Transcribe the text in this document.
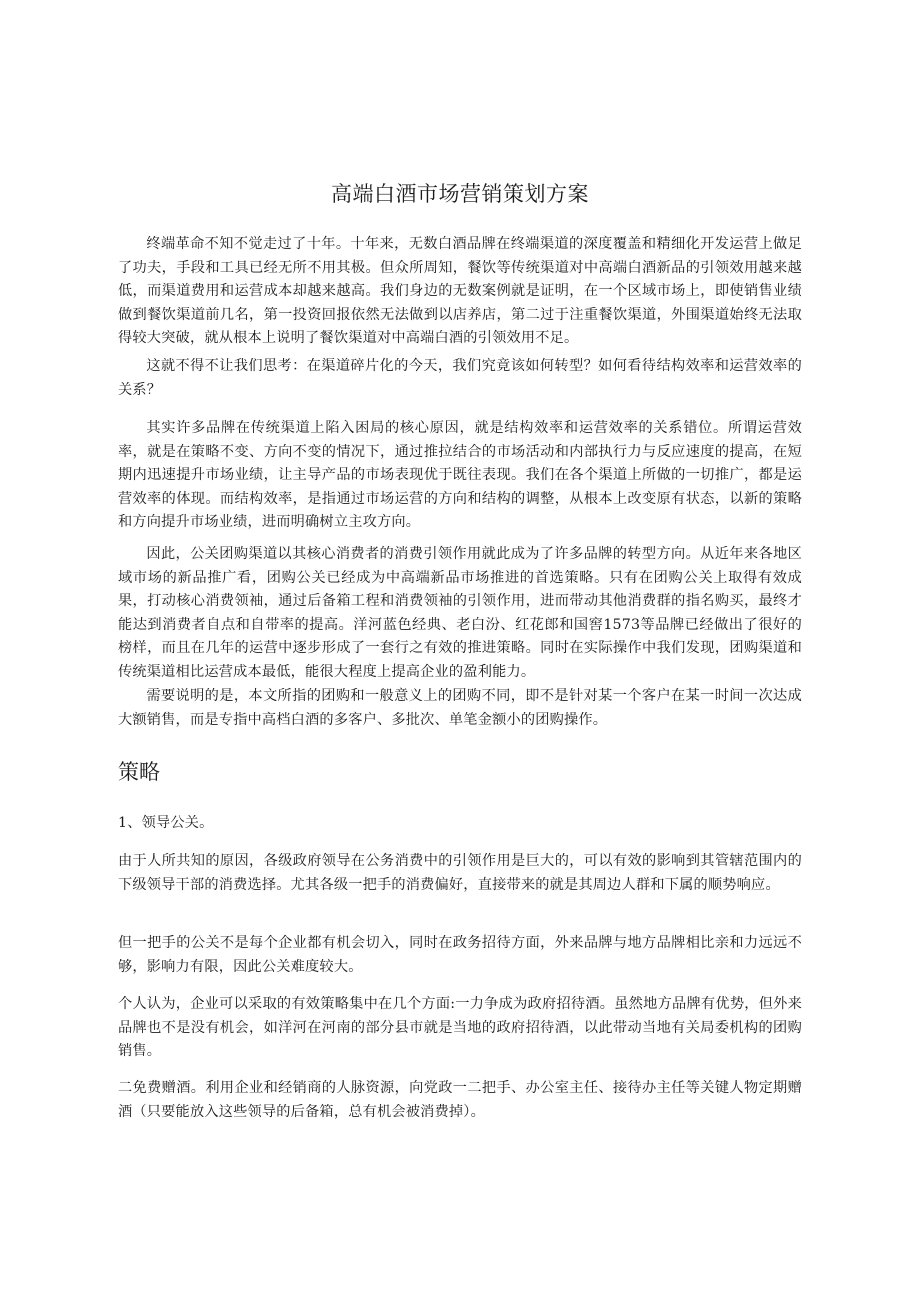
高端白酒市场营销策划方案

终端革命不知不觉走过了十年。十年来，无数白酒品牌在终端渠道的深度覆盖和精细化开发运营上做足了功夫，手段和工具已经无所不用其极。但众所周知，餐饮等传统渠道对中高端白酒新品的引领效用越来越低，而渠道费用和运营成本却越来越高。我们身边的无数案例就是证明，在一个区域市场上，即使销售业绩做到餐饮渠道前几名，第一投资回报依然无法做到以店养店，第二过于注重餐饮渠道，外围渠道始终无法取得较大突破，就从根本上说明了餐饮渠道对中高端白酒的引领效用不足。

这就不得不让我们思考：在渠道碎片化的今天，我们究竟该如何转型？如何看待结构效率和运营效率的关系？

其实许多品牌在传统渠道上陷入困局的核心原因，就是结构效率和运营效率的关系错位。所谓运营效率，就是在策略不变、方向不变的情况下，通过推拉结合的市场活动和内部执行力与反应速度的提高，在短期内迅速提升市场业绩，让主导产品的市场表现优于既往表现。我们在各个渠道上所做的一切推广，都是运营效率的体现。而结构效率，是指通过市场运营的方向和结构的调整，从根本上改变原有状态，以新的策略和方向提升市场业绩，进而明确树立主攻方向。

因此，公关团购渠道以其核心消费者的消费引领作用就此成为了许多品牌的转型方向。从近年来各地区域市场的新品推广看，团购公关已经成为中高端新品市场推进的首选策略。只有在团购公关上取得有效成果，打动核心消费领袖，通过后备箱工程和消费领袖的引领作用，进而带动其他消费群的指名购买，最终才能达到消费者自点和自带率的提高。洋河蓝色经典、老白汾、红花郎和国窖1573等品牌已经做出了很好的榜样，而且在几年的运营中逐步形成了一套行之有效的推进策略。同时在实际操作中我们发现，团购渠道和传统渠道相比运营成本最低，能很大程度上提高企业的盈利能力。

需要说明的是，本文所指的团购和一般意义上的团购不同，即不是针对某一个客户在某一时间一次达成大额销售，而是专指中高档白酒的多客户、多批次、单笔金额小的团购操作。

策略

1、领导公关。

由于人所共知的原因，各级政府领导在公务消费中的引领作用是巨大的，可以有效的影响到其管辖范围内的下级领导干部的消费选择。尤其各级一把手的消费偏好，直接带来的就是其周边人群和下属的顺势响应。

但一把手的公关不是每个企业都有机会切入，同时在政务招待方面，外来品牌与地方品牌相比亲和力远远不够，影响力有限，因此公关难度较大。

个人认为，企业可以采取的有效策略集中在几个方面:一力争成为政府招待酒。虽然地方品牌有优势，但外来品牌也不是没有机会，如洋河在河南的部分县市就是当地的政府招待酒，以此带动当地有关局委机构的团购销售。

二免费赠酒。利用企业和经销商的人脉资源，向党政一二把手、办公室主任、接待办主任等关键人物定期赠酒（只要能放入这些领导的后备箱，总有机会被消费掉）。
